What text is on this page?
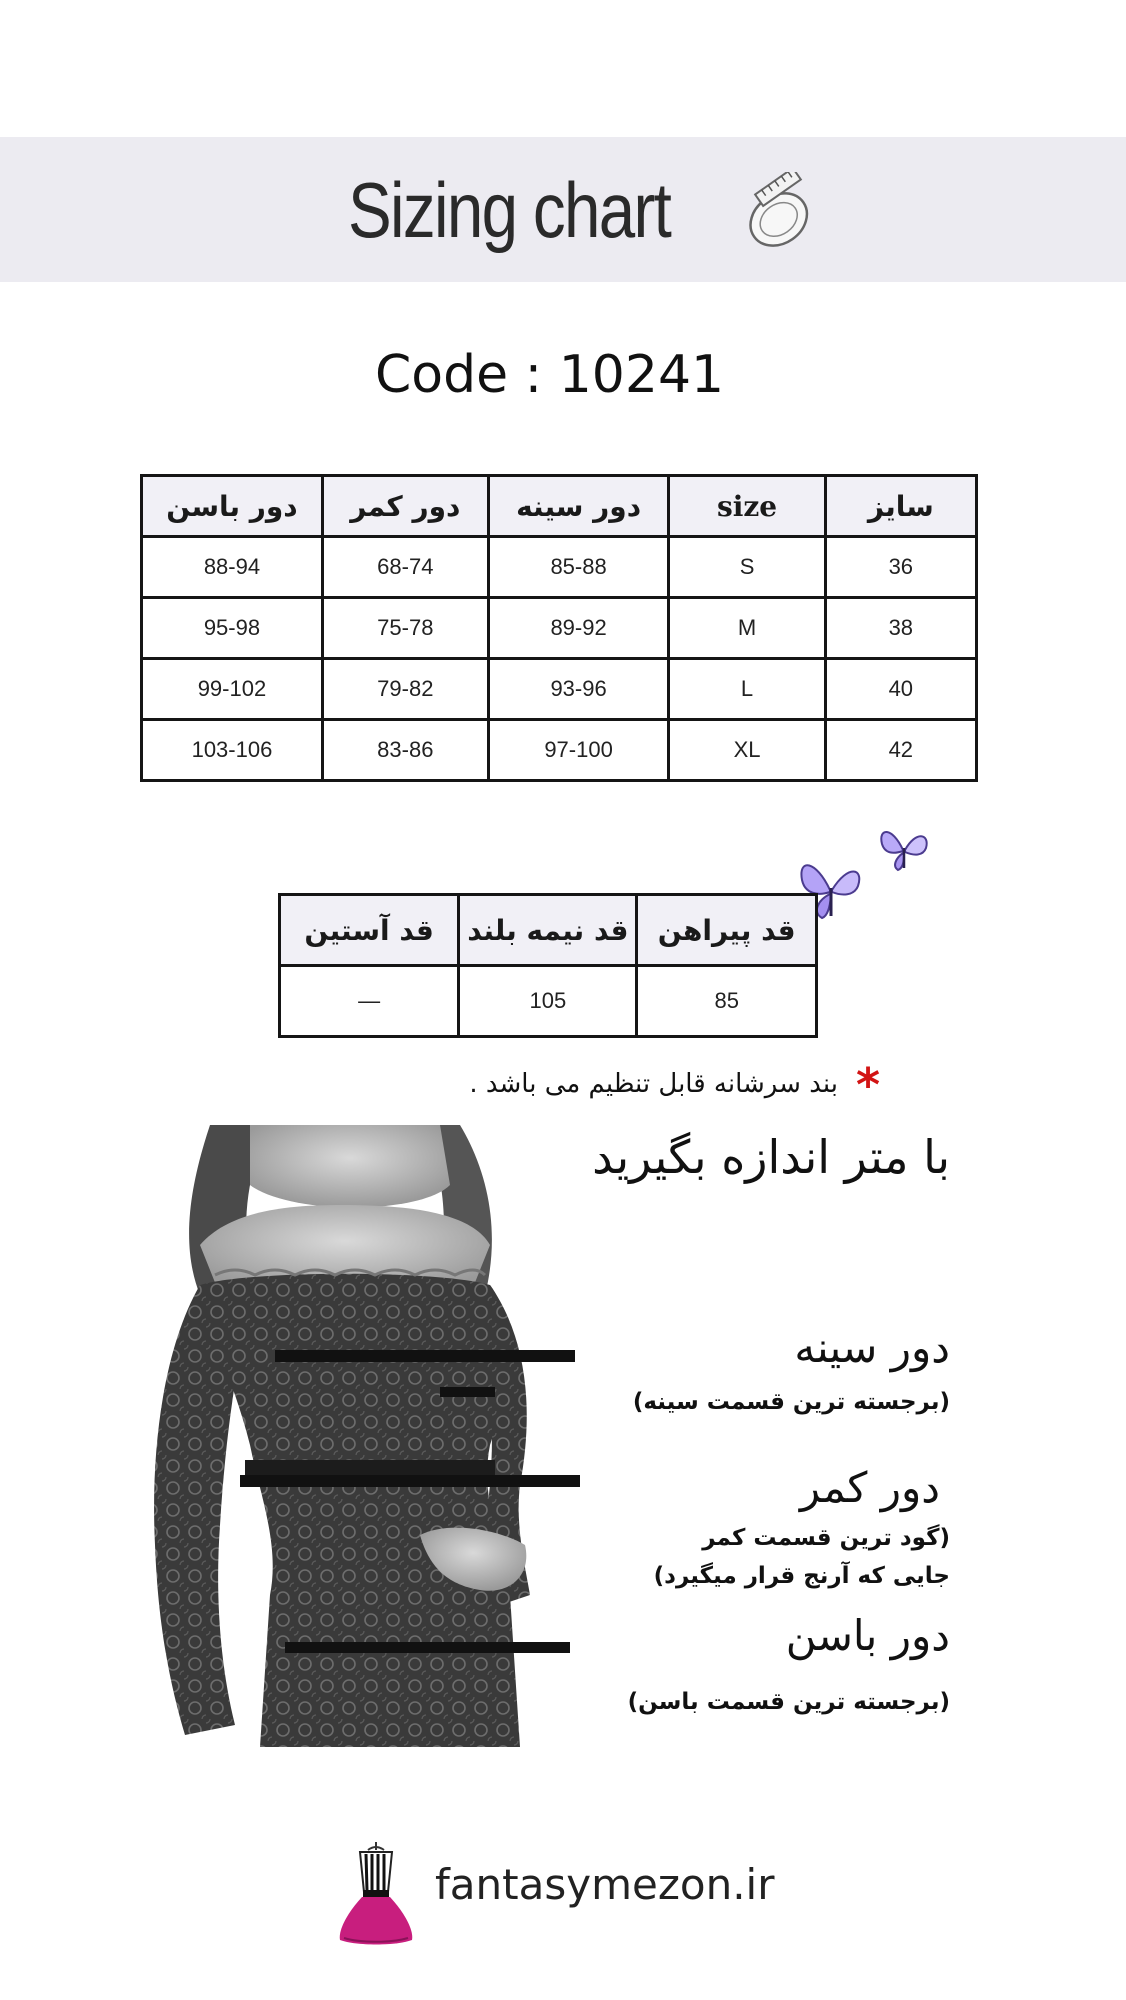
Sizing chart
Code : 10241
دور باسن	دور کمر	دور سینه	size	سایز
88-94	68-74	85-88	S	36
95-98	75-78	89-92	M	38
99-102	79-82	93-96	L	40
103-106	83-86	97-100	XL	42
قد آستین	قد نیمه بلند	قد پیراهن
—	105	85
*بند سرشانه قابل تنظیم می باشد .
با متر اندازه بگیرید
دور سینه
(برجسته ترین قسمت سینه)
دور کمر
(گود ترین قسمت کمر
جایی که آرنج قرار میگیرد)
دور باسن
(برجسته ترین قسمت باسن)
fantasymezon.ir
